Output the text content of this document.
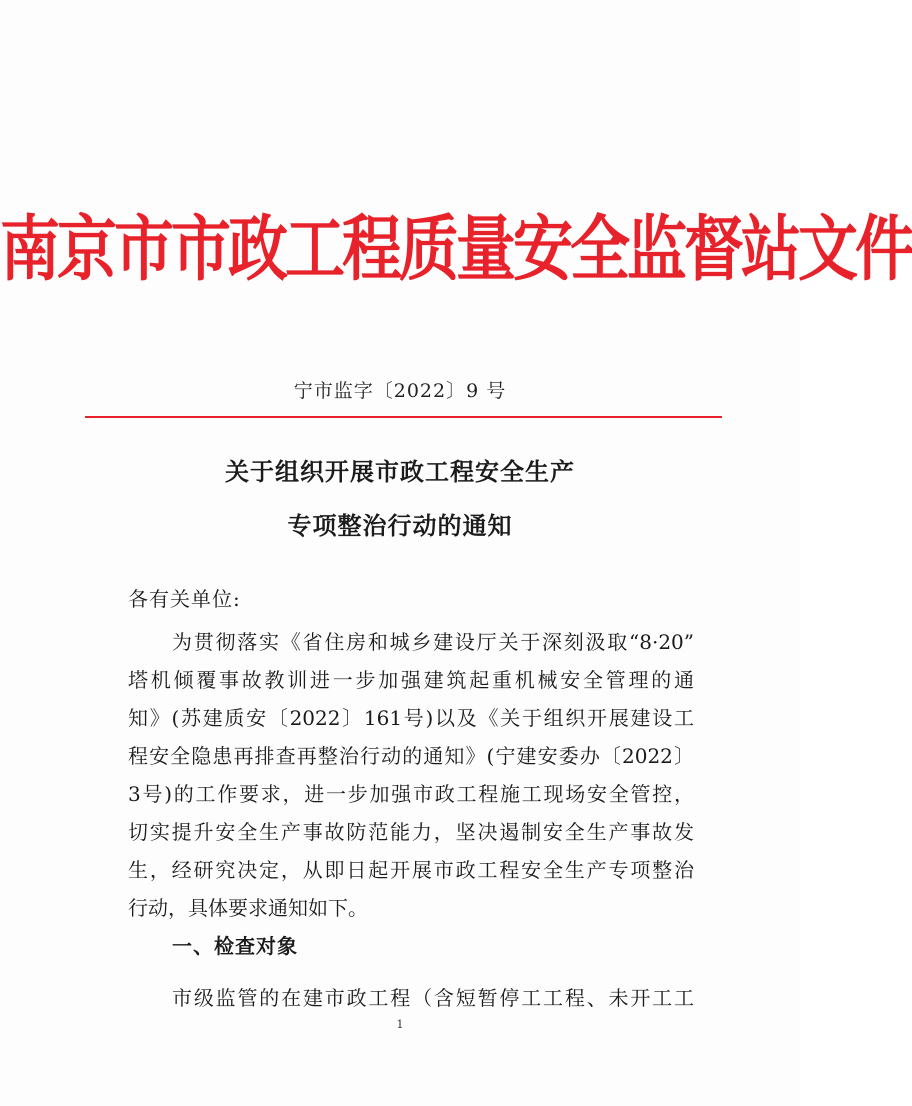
南京市市政工程质量安全监督站文件
宁市监字〔2022〕9 号
关于组织开展市政工程安全生产
专项整治行动的通知
各有关单位:
为贯彻落实《省住房和城乡建设厅关于深刻汲取“8·20”
塔机倾覆事故教训进一步加强建筑起重机械安全管理的通
知》(苏建质安〔2022〕161号)以及《关于组织开展建设工
程安全隐患再排查再整治行动的通知》(宁建安委办〔2022〕
3号)的工作要求，进一步加强市政工程施工现场安全管控，
切实提升安全生产事故防范能力，坚决遏制安全生产事故发
生，经研究决定，从即日起开展市政工程安全生产专项整治
行动，具体要求通知如下。
一、检查对象
市级监管的在建市政工程（含短暂停工工程、未开工工
1
